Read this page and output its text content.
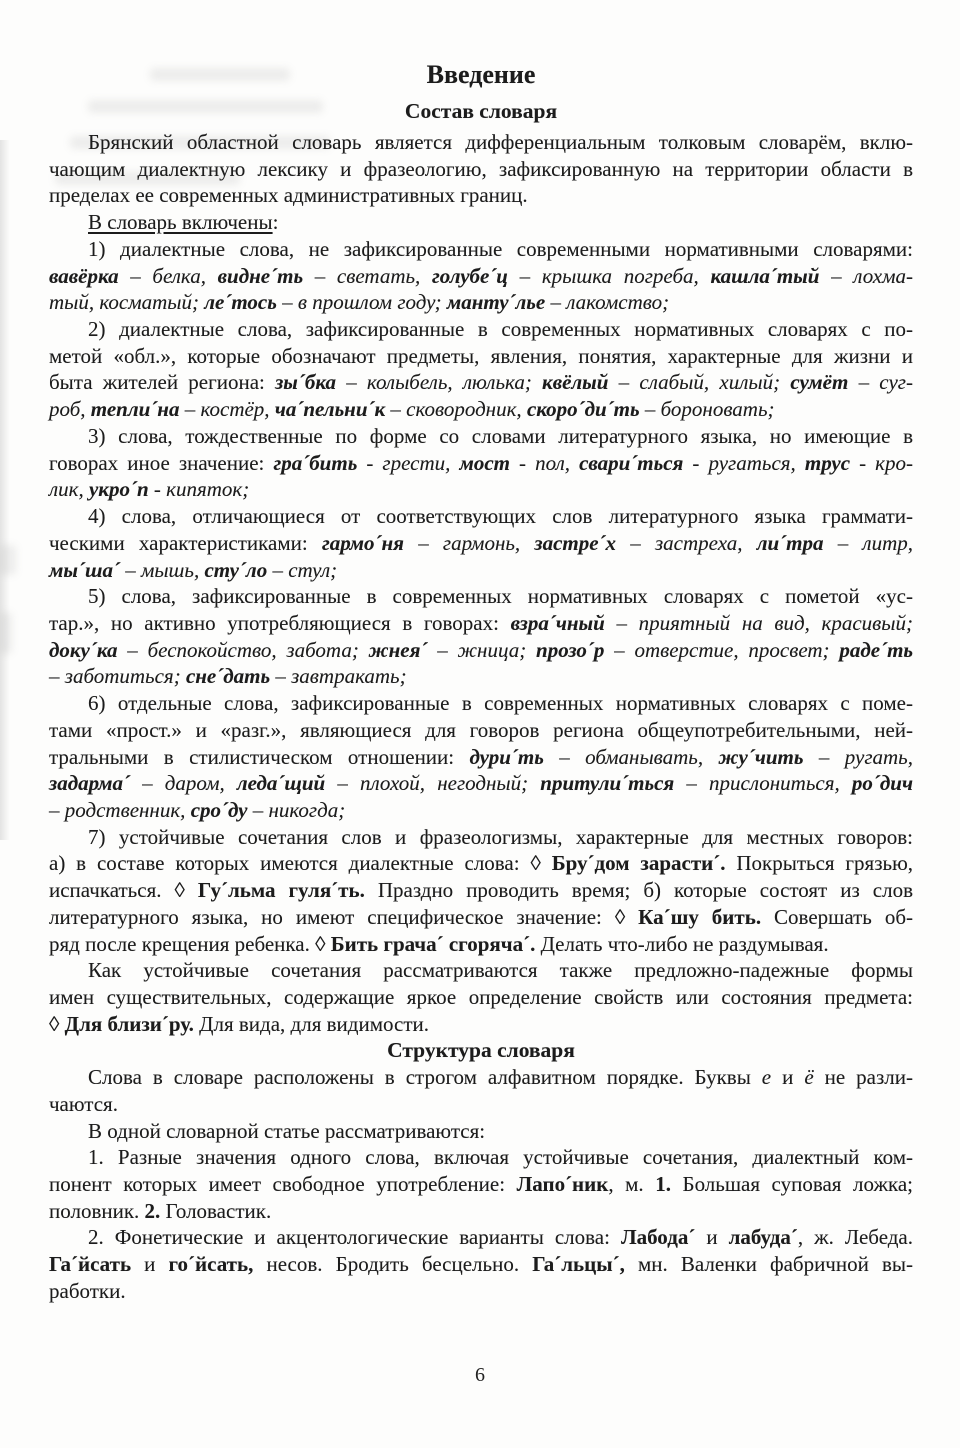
Введение
Состав словаря
Брянский областной словарь является дифференциальным толковым словарём, вклю-
чающим диалектную лексику и фразеологию, зафиксированную на территории области в
пределах ее современных административных границ.
В словарь включены:
1) диалектные слова, не зафиксированные современными нормативными словарями:
вавёрка – белка, видне´ть – светать, голубе´ц – крышка погреба, кашла´тый – лохма-
тый, косматый; ле´тось – в прошлом году; манту´лье – лакомство;
2) диалектные слова, зафиксированные в современных нормативных словарях с по-
метой «обл.», которые обозначают предметы, явления, понятия, характерные для жизни и
быта жителей региона: зы´бка – колыбель, люлька; квёлый – слабый, хилый; сумёт – суг-
роб, тепли´на – костёр, ча´пельни´к – сковородник, скоро´ди´ть – бороновать;
3) слова, тождественные по форме со словами литературного языка, но имеющие в
говорах иное значение: гра´бить - грести, мост - пол, свари´ться - ругаться, трус - кро-
лик, укро´п - кипяток;
4) слова, отличающиеся от соответствующих слов литературного языка граммати-
ческими характеристиками: гармо´ня – гармонь, застре´х – застреха, ли´тра – литр,
мы´ша´ – мышь, сту´ло – стул;
5) слова, зафиксированные в современных нормативных словарях с пометой «ус-
тар.», но активно употребляющиеся в говорах: взра´чный – приятный на вид, красивый;
доку´ка – беспокойство, забота; жнея´ – жница; прозо´р – отверстие, просвет; раде´ть
– заботиться; сне´дать – завтракать;
6) отдельные слова, зафиксированные в современных нормативных словарях с поме-
тами «прост.» и «разг.», являющиеся для говоров региона общеупотребительными, ней-
тральными в стилистическом отношении: дури´ть – обманывать, жу´чить – ругать,
задарма´ – даром, леда´щий – плохой, негодный; притули´ться – прислониться, ро´дич
– родственник, сро´ду – никогда;
7) устойчивые сочетания слов и фразеологизмы, характерные для местных говоров:
а) в составе которых имеются диалектные слова: ◊ Бру´дом зарасти´. Покрыться грязью,
испачкаться. ◊ Гу´льма гуля´ть. Праздно проводить время; б) которые состоят из слов
литературного языка, но имеют специфическое значение: ◊ Ка´шу бить. Совершать об-
ряд после крещения ребенка. ◊ Бить грача´ сгоряча´. Делать что-либо не раздумывая.
Как устойчивые сочетания рассматриваются также предложно-падежные формы
имен существительных, содержащие яркое определение свойств или состояния предмета:
◊ Для близи´ру. Для вида, для видимости.
Структура словаря
Слова в словаре расположены в строгом алфавитном порядке. Буквы е и ё не разли-
чаются.
В одной словарной статье рассматриваются:
1. Разные значения одного слова, включая устойчивые сочетания, диалектный ком-
понент которых имеет свободное употребление: Лапо´ник, м. 1. Большая суповая ложка;
половник. 2. Головастик.
2. Фонетические и акцентологические варианты слова: Лабода´ и лабуда´, ж. Лебеда.
Га´йсать и го´йсать, несов. Бродить бесцельно. Га´льцы´, мн. Валенки фабричной вы-
работки.
6
